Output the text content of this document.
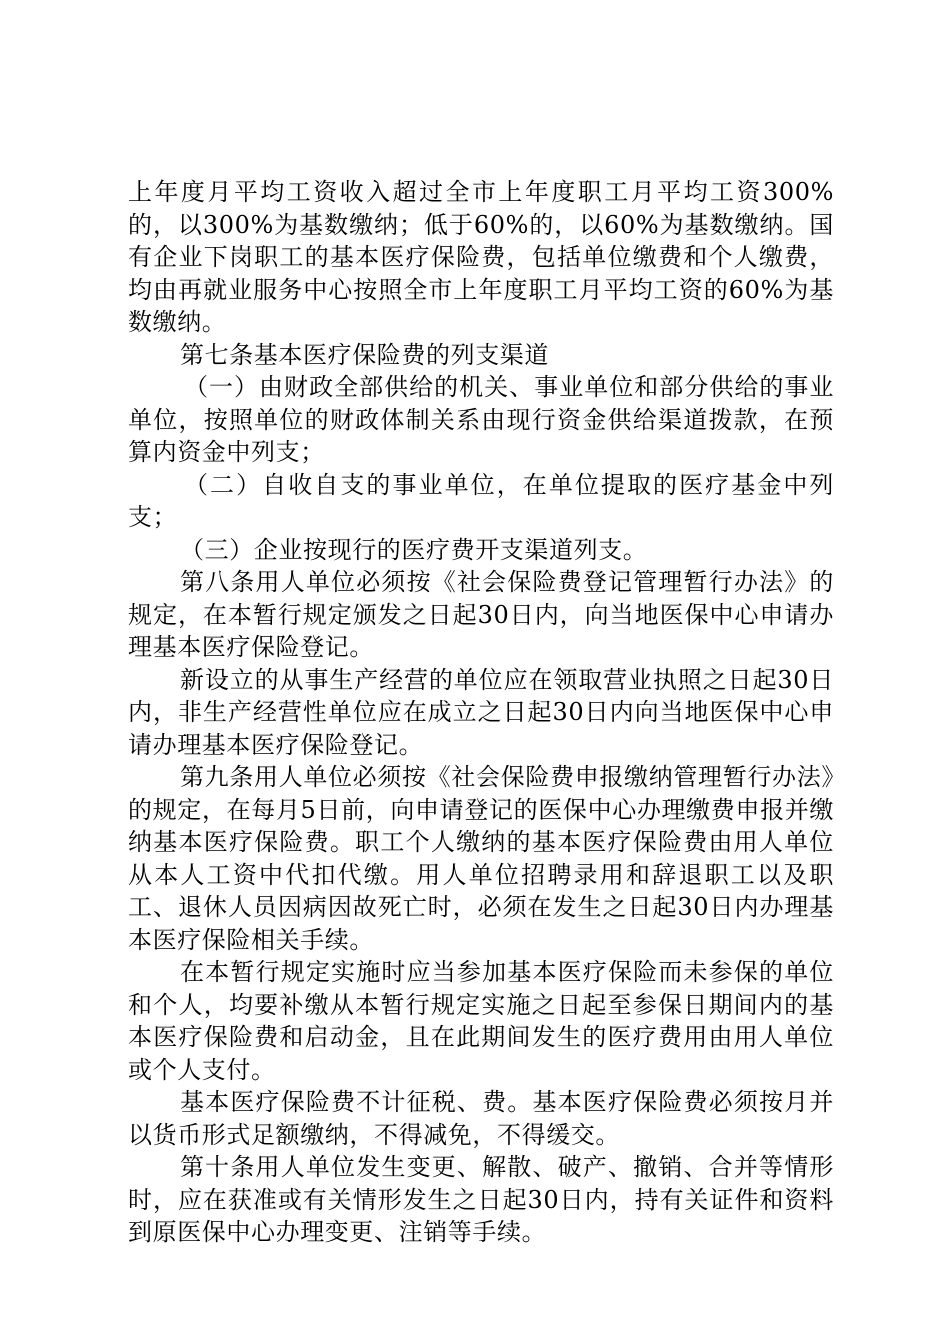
上年度月平均工资收入超过全市上年度职工月平均工资300%的，以300%为基数缴纳；低于60%的，以60%为基数缴纳。国有企业下岗职工的基本医疗保险费，包括单位缴费和个人缴费，均由再就业服务中心按照全市上年度职工月平均工资的60%为基数缴纳。

第七条基本医疗保险费的列支渠道

（一）由财政全部供给的机关、事业单位和部分供给的事业单位，按照单位的财政体制关系由现行资金供给渠道拨款，在预算内资金中列支；

（二）自收自支的事业单位，在单位提取的医疗基金中列支；

（三）企业按现行的医疗费开支渠道列支。

第八条用人单位必须按《社会保险费登记管理暂行办法》的规定，在本暂行规定颁发之日起30日内，向当地医保中心申请办理基本医疗保险登记。

新设立的从事生产经营的单位应在领取营业执照之日起30日内，非生产经营性单位应在成立之日起30日内向当地医保中心申请办理基本医疗保险登记。

第九条用人单位必须按《社会保险费申报缴纳管理暂行办法》的规定，在每月5日前，向申请登记的医保中心办理缴费申报并缴纳基本医疗保险费。职工个人缴纳的基本医疗保险费由用人单位从本人工资中代扣代缴。用人单位招聘录用和辞退职工以及职工、退休人员因病因故死亡时，必须在发生之日起30日内办理基本医疗保险相关手续。

在本暂行规定实施时应当参加基本医疗保险而未参保的单位和个人，均要补缴从本暂行规定实施之日起至参保日期间内的基本医疗保险费和启动金，且在此期间发生的医疗费用由用人单位或个人支付。

基本医疗保险费不计征税、费。基本医疗保险费必须按月并以货币形式足额缴纳，不得减免，不得缓交。

第十条用人单位发生变更、解散、破产、撤销、合并等情形时，应在获准或有关情形发生之日起30日内，持有关证件和资料到原医保中心办理变更、注销等手续。
